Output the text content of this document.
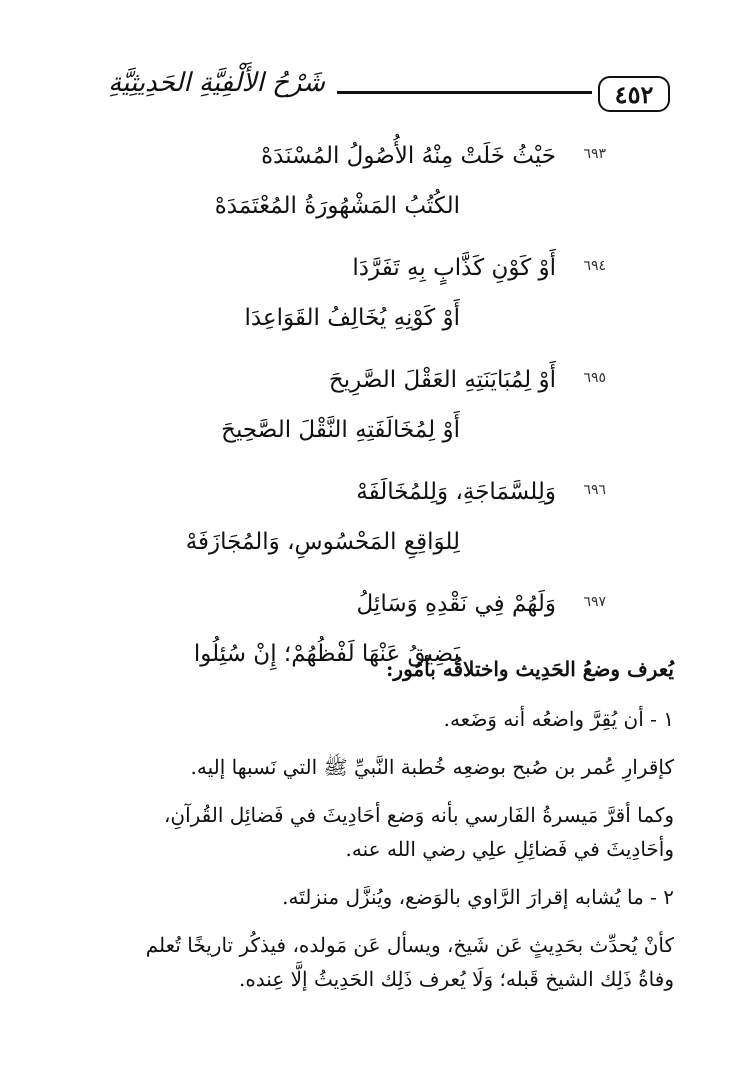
٤٥٢
شَرْحُ الأَلْفِيَّةِ الحَدِيثِيَّةِ
٦٩٣
حَيْثُ خَلَتْ مِنْهُ الأُصُولُ المُسْنَدَهْ
الكُتُبُ المَشْهُورَةُ المُعْتَمَدَهْ
٦٩٤
أَوْ كَوْنِ كَذَّابٍ بِهِ تَفَرَّدَا
أَوْ كَوْنِهِ يُخَالِفُ القَوَاعِدَا
٦٩٥
أَوْ لِمُبَايَنَتِهِ العَقْلَ الصَّرِيحَ
أَوْ لِمُخَالَفَتِهِ النَّقْلَ الصَّحِيحَ
٦٩٦
وَلِلسَّمَاجَةِ، وَلِلمُخَالَفَهْ
لِلوَاقِعِ المَحْسُوسِ، وَالمُجَازَفَهْ
٦٩٧
وَلَهُمْ فِي نَقْدِهِ وَسَائِلُ
يَضِيقُ عَنْهَا لَفْظُهُمْ؛ إِنْ سُئِلُوا

يُعرف وضعُ الحَدِيث واختلاقُه بأمُور:

١ - أن يُقِرَّ واضعُه أنه وَضَعه.

كإقرارِ عُمر بن صُبح بوضعِه خُطبة النَّبيِّ ﷺ التي نَسبها إليه.

وكما أقرَّ مَيسرةُ الفَارسي بأنه وَضع أحَادِيثَ في فَضائِل القُرآنِ،
وأحَادِيثَ في فَضائِلِ علِي رضي الله عنه.

٢ - ما يُشابه إقرارَ الرَّاوي بالوَضع، ويُنزَّل منزلتَه.

كأنْ يُحدِّث بحَدِيثٍ عَن شَيخ، ويسأل عَن مَولده، فيذكُر تاريخًا تُعلم
وفاةُ ذَلِك الشيخ قَبله؛ وَلَا يُعرف ذَلِك الحَدِيثُ إلَّا عِنده.
